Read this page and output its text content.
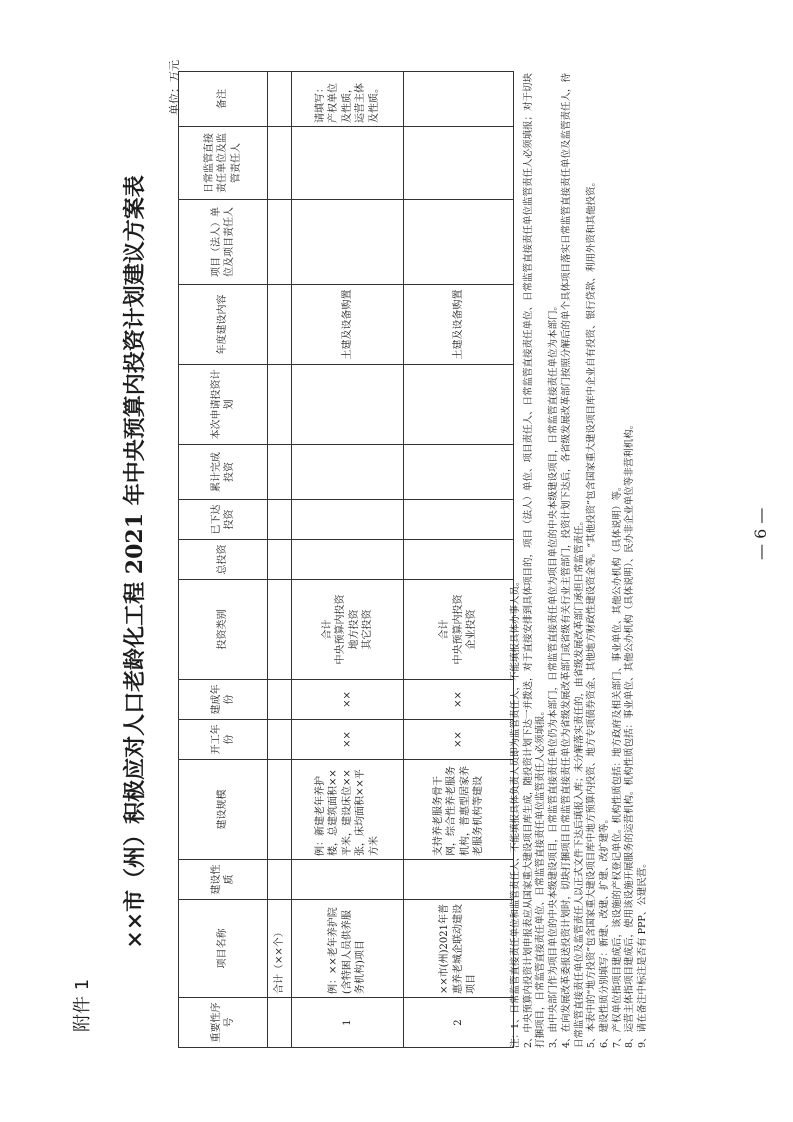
附件 1
— 6 —
××市（州）积极应对人口老龄化工程 2021 年中央预算内投资计划建议方案表
单位：万元
重要性序号	项目名称	建设性质	建设规模	开工年份	建成年份	投资类别	总投资	已下达投资	累计完成投资	本次申请投资计划	年度建设内容	项目（法人）单位及项目责任人	日常监管直接责任单位及监管责任人	备注
	合计（××个）													
1	例：××老年养护院(含特困人员供养服务机构)项目		例：新建老年养护楼，总建筑面积××平米，建设床位××张，床均面积××平方米	××	××	合计 中央预算内投资 地方投资 其它投资					土建及设备购置			请填写：产权单位及性质，运营主体及性质。
2	××市(州)2021年普惠养老城企联动建设项目		支持养老服务骨干网，综合性养老服务机构，普惠型居家养老服务机构等建设	××	××	合计 中央预算内投资 企业投资					土建及设备购置			
注：1、日常监管直接责任单位和监管责任人、不能填报具体负责人员即为监管责任人，不能填报具体办事人员。 2、中央预算内投资计划申报表应从国家重大建设项目库生成，随投资计划下达一并拨送，对于直接安排到具体项目的，项目（法人）单位、项目责任人、日常监管直接责任单位、日常监管直接责任单位监管责任人必须填报；对于切块打捆项目，日常监管直接责任单位、日常监管直接责任单位监管责任人必须填报。 3、由中央部门作为项目单位的中央本级建设项目，日常监管直接责任单位仍为本部门，日常监管直接责任单位为项目单位的中央本级建设项目，日常监管直接责任单位为本部门。 4、在向发展改革委报送投资计划时，切块打捆项目日常监管直接责任单位为省级发展改革部门或省级有关行业主管部门，投资计划下达后，各省级发展改革部门按照分解后的单个具体项目落实日常监管直接责任单位及监管责任人，待日常监管直接责任单位及监管责任人以正式文件下达后填报入库；未分解落实责任的，由省级发展改革部门承担日常监管责任。 5、本表中的“地方投资”包含国家重大建设项目库中地方预算内投资、地方专项债券资金、其他地方财政性建设资金等。“其他投资”包含国家重大建设项目库中企业自有投资、银行贷款、利用外资和其他投资。 6、建设性质分别填写：新建、改建、扩建、改扩建等。 7、产权单位指项目建成后，该设施的产权登记单位。机构性质包括：地方政府及相关部门、事业单位、其他公办机构（具体说明）等。 8、运营主体指项目建成后，使用该设施开展服务的运营机构。机构性质包括：事业单位、其他公办机构（具体说明）、民办非企业单位等非营利机构。 9、请在备注中标注是否有 PPP、公建民营。
